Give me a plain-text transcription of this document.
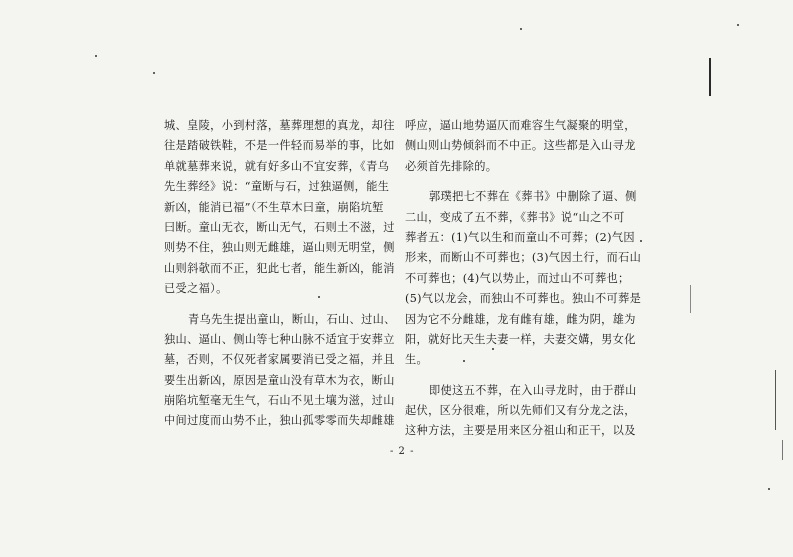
城、皇陵，小到村落，墓葬理想的真龙，却往
往是踏破铁鞋，不是一件轻而易举的事，比如
单就墓葬来说，就有好多山不宜安葬，《青乌
先生葬经》说：“童断与石，过独逼侧，能生
新凶，能消已福”（不生草木曰童，崩陷坑堑
曰断。童山无衣，断山无气，石则土不滋，过
则势不住，独山则无雌雄，逼山则无明堂，侧
山则斜欹而不正，犯此七者，能生新凶，能消
已受之福）。
青乌先生提出童山，断山，石山、过山、
独山、逼山、侧山等七种山脉不适宜于安葬立
墓，否则，不仅死者家属要消已受之福，并且
要生出新凶，原因是童山没有草木为衣，断山
崩陷坑堑毫无生气，石山不见土壤为滋，过山
中间过度而山势不止，独山孤零零而失却雌雄
呼应，逼山地势逼仄而难容生气凝聚的明堂，
侧山则山势倾斜而不中正。这些都是入山寻龙
必须首先排除的。
郭璞把七不葬在《葬书》中删除了逼、侧
二山，变成了五不葬，《葬书》说“山之不可
葬者五：(1)气以生和而童山不可葬；(2)气因
形来，而断山不可葬也；(3)气因土行，而石山
不可葬也；(4)气以势止，而过山不可葬也；
(5)气以龙会，而独山不可葬也。独山不可葬是
因为它不分雌雄，龙有雌有雄，雌为阴，雄为
阳，就好比天生夫妻一样，夫妻交媾，男女化
生。
即使这五不葬，在入山寻龙时，由于群山
起伏，区分很难，所以先师们又有分龙之法，
这种方法，主要是用来区分祖山和正干，以及
- 2 -
